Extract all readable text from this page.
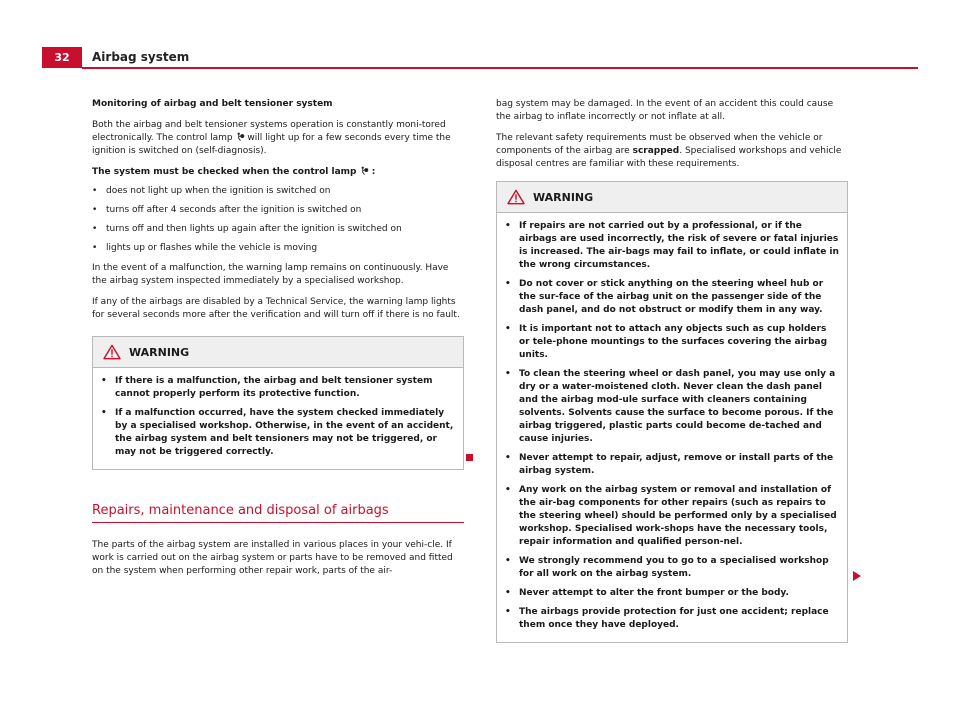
32	Airbag system

Monitoring of airbag and belt tensioner system

Both the airbag and belt tensioner systems operation is constantly moni-tored electronically. The control lamp will light up for a few seconds every time the ignition is switched on (self-diagnosis).

The system must be checked when the control lamp :

• does not light up when the ignition is switched on
• turns off after 4 seconds after the ignition is switched on
• turns off and then lights up again after the ignition is switched on
• lights up or flashes while the vehicle is moving

In the event of a malfunction, the warning lamp remains on continuously. Have the airbag system inspected immediately by a specialised workshop.

If any of the airbags are disabled by a Technical Service, the warning lamp lights for several seconds more after the verification and will turn off if there is no fault.

WARNING
• If there is a malfunction, the airbag and belt tensioner system cannot properly perform its protective function.
• If a malfunction occurred, have the system checked immediately by a specialised workshop. Otherwise, in the event of an accident, the airbag system and belt tensioners may not be triggered, or may not be triggered correctly.
Repairs, maintenance and disposal of airbags

The parts of the airbag system are installed in various places in your vehi-cle. If work is carried out on the airbag system or parts have to be removed and fitted on the system when performing other repair work, parts of the air-

bag system may be damaged. In the event of an accident this could cause the airbag to inflate incorrectly or not inflate at all.

The relevant safety requirements must be observed when the vehicle or components of the airbag are scrapped. Specialised workshops and vehicle disposal centres are familiar with these requirements.

WARNING
• If repairs are not carried out by a professional, or if the airbags are used incorrectly, the risk of severe or fatal injuries is increased. The air-bags may fail to inflate, or could inflate in the wrong circumstances.
• Do not cover or stick anything on the steering wheel hub or the sur-face of the airbag unit on the passenger side of the dash panel, and do not obstruct or modify them in any way.
• It is important not to attach any objects such as cup holders or tele-phone mountings to the surfaces covering the airbag units.
• To clean the steering wheel or dash panel, you may use only a dry or a water-moistened cloth. Never clean the dash panel and the airbag mod-ule surface with cleaners containing solvents. Solvents cause the surface to become porous. If the airbag triggered, plastic parts could become de-tached and cause injuries.
• Never attempt to repair, adjust, remove or install parts of the airbag system.
• Any work on the airbag system or removal and installation of the air-bag components for other repairs (such as repairs to the steering wheel) should be performed only by a specialised workshop. Specialised work-shops have the necessary tools, repair information and qualified person-nel.
• We strongly recommend you to go to a specialised workshop for all work on the airbag system.
• Never attempt to alter the front bumper or the body.
• The airbags provide protection for just one accident; replace them once they have deployed.
